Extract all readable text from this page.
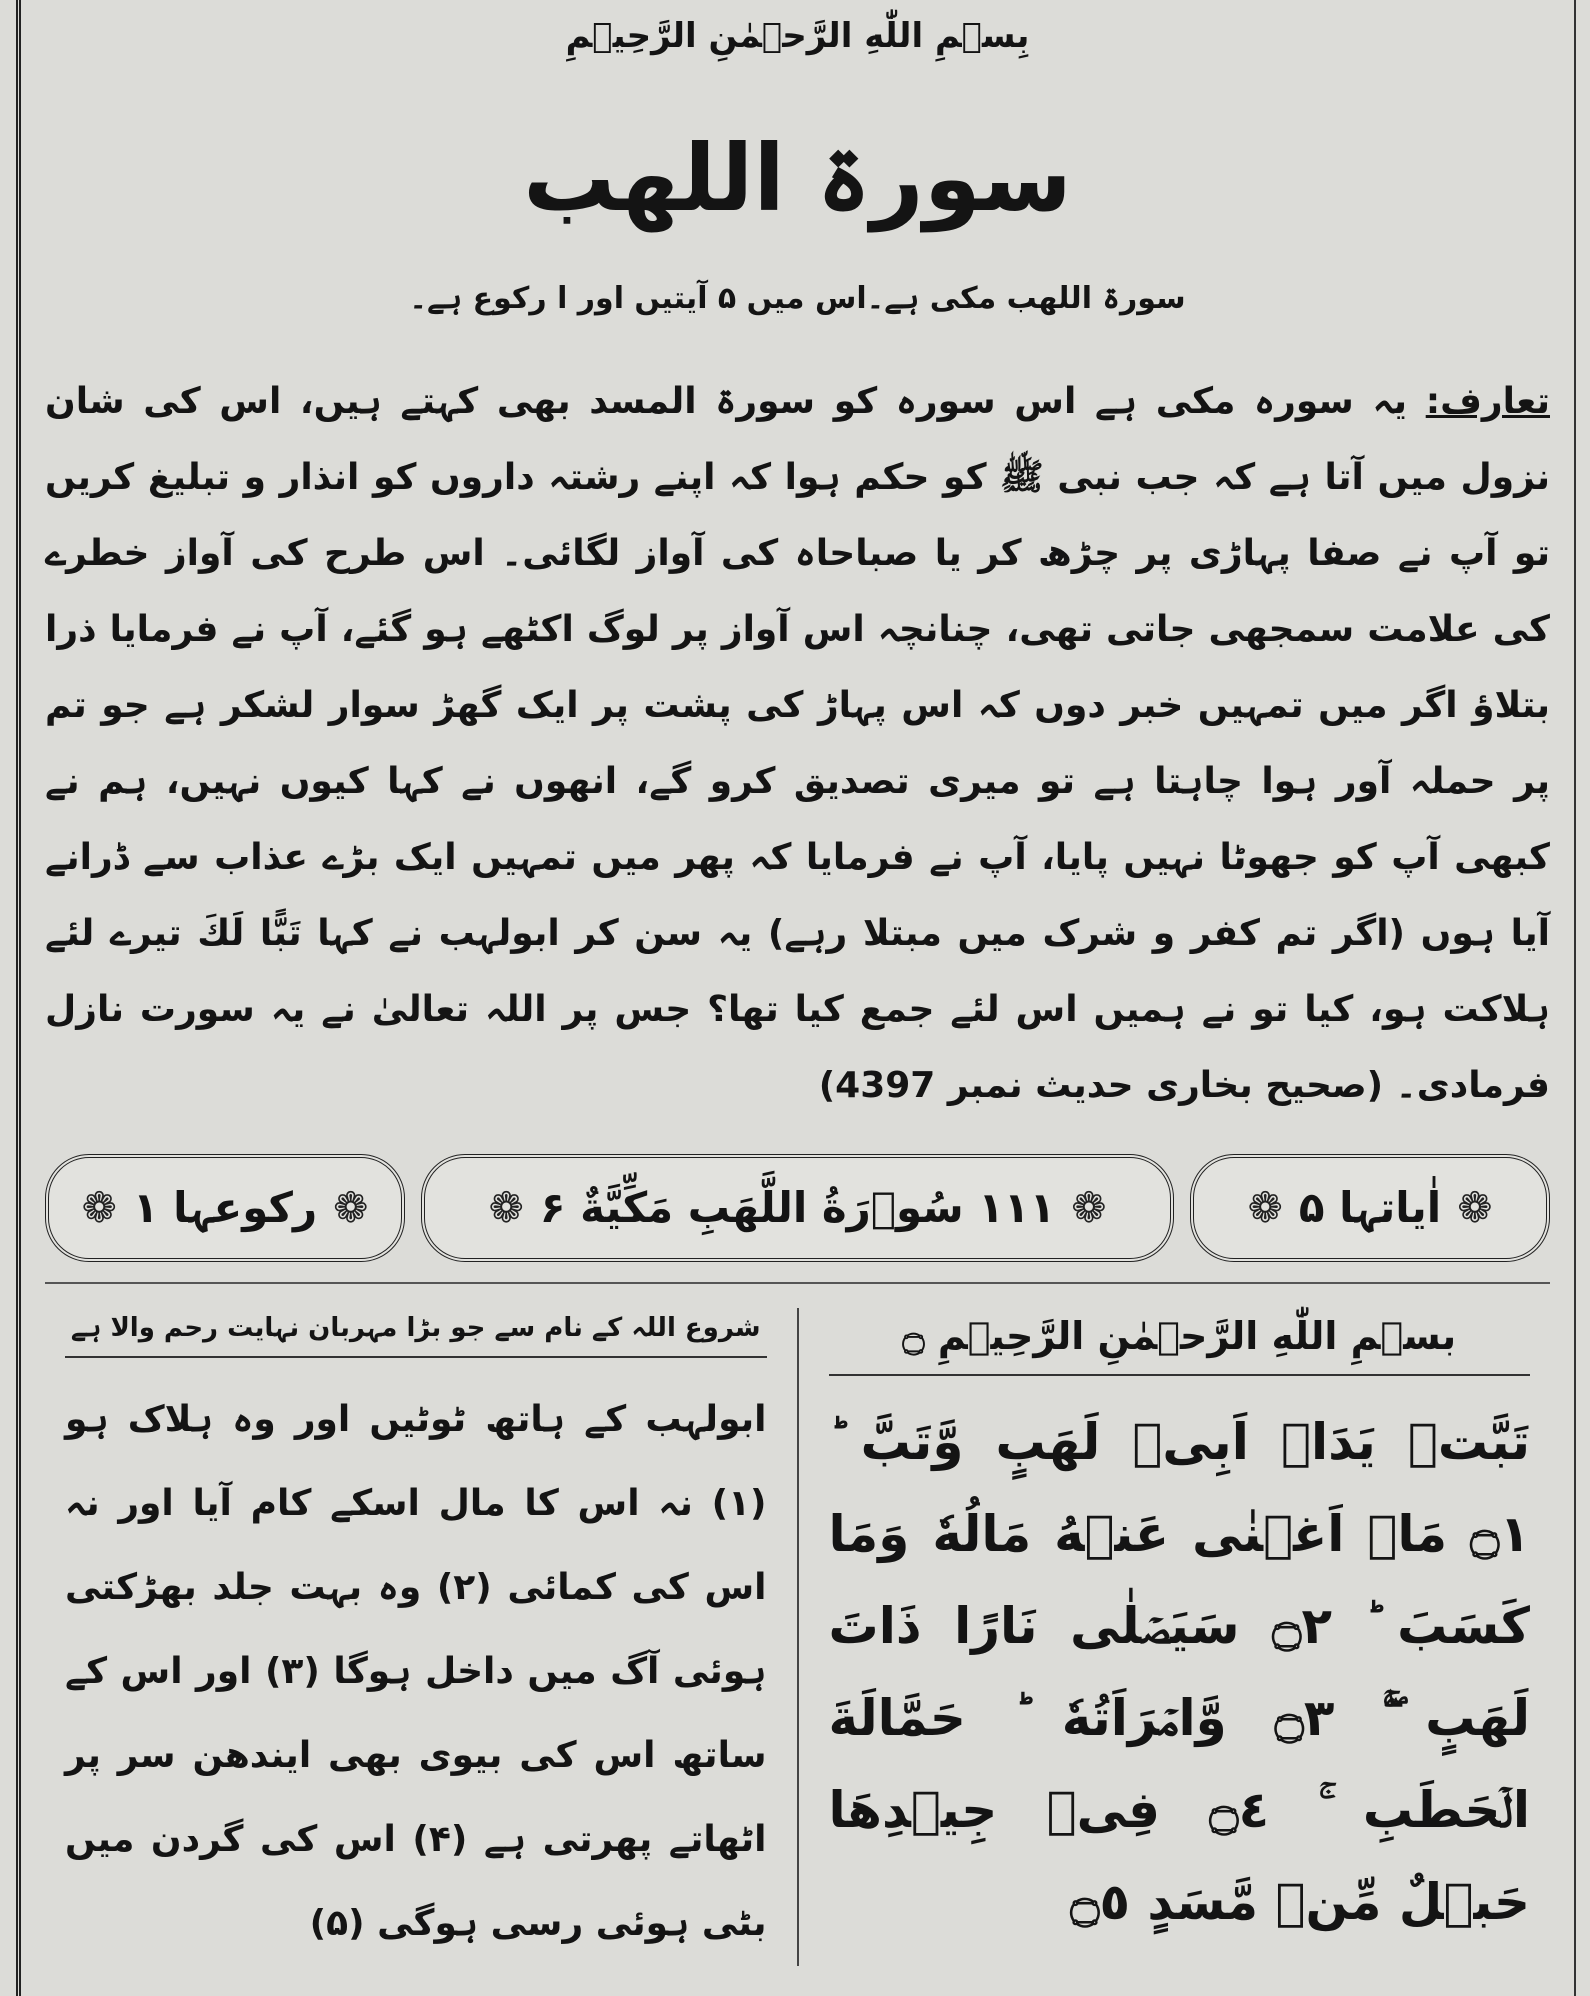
بِسۡمِ اللّٰهِ الرَّحۡمٰنِ الرَّحِيۡمِ
سورۃ اللھب
سورۃ اللھب مکی ہے۔اس میں ۵ آیتیں اور ا رکوع ہے۔
تعارف: یہ سورہ مکی ہے اس سورہ کو سورۃ المسد بھی کہتے ہیں، اس کی شان نزول میں آتا ہے کہ جب نبی ﷺ کو حکم ہوا کہ اپنے رشتہ داروں کو انذار و تبلیغ کریں تو آپ نے صفا پہاڑی پر چڑھ کر یا صباحاہ کی آواز لگائی۔ اس طرح کی آواز خطرے کی علامت سمجھی جاتی تھی، چنانچہ اس آواز پر لوگ اکٹھے ہو گئے، آپ نے فرمایا ذرا بتلاؤ اگر میں تمہیں خبر دوں کہ اس پہاڑ کی پشت پر ایک گھڑ سوار لشکر ہے جو تم پر حملہ آور ہوا چاہتا ہے تو میری تصدیق کرو گے، انھوں نے کہا کیوں نہیں، ہم نے کبھی آپ کو جھوٹا نہیں پایا، آپ نے فرمایا کہ پھر میں تمہیں ایک بڑے عذاب سے ڈرانے آیا ہوں (اگر تم کفر و شرک میں مبتلا رہے) یہ سن کر ابولہب نے کہا تَبًّا لَكَ تیرے لئے ہلاکت ہو، کیا تو نے ہمیں اس لئے جمع کیا تھا؟ جس پر اللہ تعالیٰ نے یہ سورت نازل فرمادی۔ (صحیح بخاری حدیث نمبر 4397)
❁
رکوعہا ۱
❁	❁
۱۱۱ سُوۡرَةُ اللَّهَبِ مَكِّيَّةٌ ۶
❁	❁
اٰیاتہا ۵
❁
شروع اللہ کے نام سے جو بڑا مہربان نہایت رحم والا ہے
ابولہب کے ہاتھ ٹوٹیں اور وہ ہلاک ہو (۱) نہ اس کا مال اسکے کام آیا اور نہ اس کی کمائی (۲) وہ بہت جلد بھڑکتی ہوئی آگ میں داخل ہوگا (۳) اور اس کے ساتھ اس کی بیوی بھی ایندھن سر پر اٹھاتے پھرتی ہے (۴) اس کی گردن میں بٹی ہوئی رسی ہوگی (۵)
بسۡمِ اللّٰهِ الرَّحۡمٰنِ الرَّحِيۡمِ ۝
تَبَّتۡ يَدَاۤ اَبِىۡ لَهَبٍ وَّتَبَّ ؕ ۝١ مَاۤ اَغۡنٰى عَنۡهُ مَالُهٗ وَمَا كَسَبَ ؕ ۝٢ سَيَصۡلٰى نَارًا ذَاتَ لَهَبٍ ۖۚ ۝٣ وَّامۡرَاَتُهٗ ؕ حَمَّالَةَ الۡحَطَبِ ۚ ۝٤ فِىۡ جِيۡدِهَا حَبۡلٌ مِّنۡ مَّسَدٍ ۝٥
